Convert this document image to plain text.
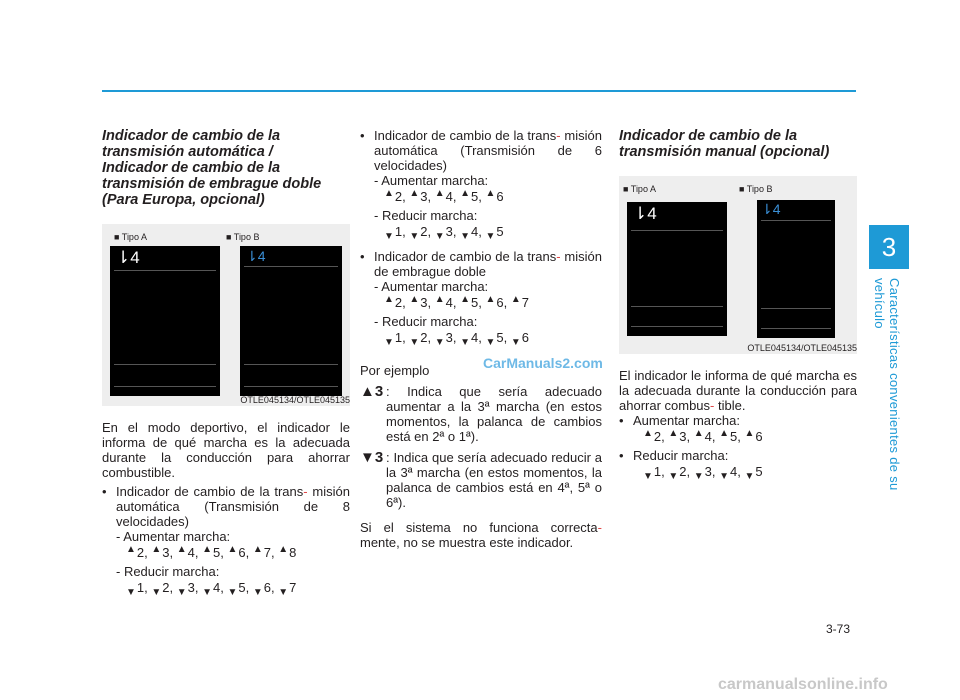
3
Características convenientes de su vehículo
Indicador de cambio de la
transmisión automática /
Indicador de cambio de la
transmisión de embrague doble
(Para Europa, opcional)
■ Tipo A	■ Tipo B
⇂4	⇂4
OTLE045134/OTLE045135

En el modo deportivo, el indicador le informa de qué marcha es la adecuada durante la conducción para ahorrar combustible.

• Indicador de cambio de la trans- misión automática (Transmisión de 8 velocidades)

- Aumentar marcha:

▲2, ▲3, ▲4, ▲5, ▲6, ▲7, ▲8

- Reducir marcha:

$_▼$1, $_▼$2, $_▼$3, $_▼$4, $_▼$5, $_▼$6, $_▼$7

• Indicador de cambio de la trans- misión automática (Transmisión de 6 velocidades)

- Aumentar marcha:

▲2, ▲3, ▲4, ▲5, ▲6

- Reducir marcha:

$_▼$1, $_▼$2, $_▼$3, $_▼$4, $_▼$5

• Indicador de cambio de la trans- misión de embrague doble

- Aumentar marcha:

▲2, ▲3, ▲4, ▲5, ▲6, ▲7

- Reducir marcha:

$_▼$1, $_▼$2, $_▼$3, $_▼$4, $_▼$5, $_▼$6

Por ejemplo

▲3 : Indica que sería adecuado aumentar a la 3ª marcha (en estos momentos, la palanca de cambios está en 2ª o 1ª).
▼3 : Indica que sería adecuado reducir a la 3ª marcha (en estos momentos, la palanca de cambios está en 4ª, 5ª o 6ª).

Si el sistema no funciona correcta- mente, no se muestra este indicador.

Indicador de cambio de la
transmisión manual (opcional)
■ Tipo A	■ Tipo B
⇂4	⇂4
OTLE045134/OTLE045135

El indicador le informa de qué marcha es la adecuada durante la conducción para ahorrar combus- tible.

• Aumentar marcha:

▲2, ▲3, ▲4, ▲5, ▲6

• Reducir marcha:

$_▼$1, $_▼$2, $_▼$3, $_▼$4, $_▼$5
3-73
CarManuals2.com
carmanualsonline.info
